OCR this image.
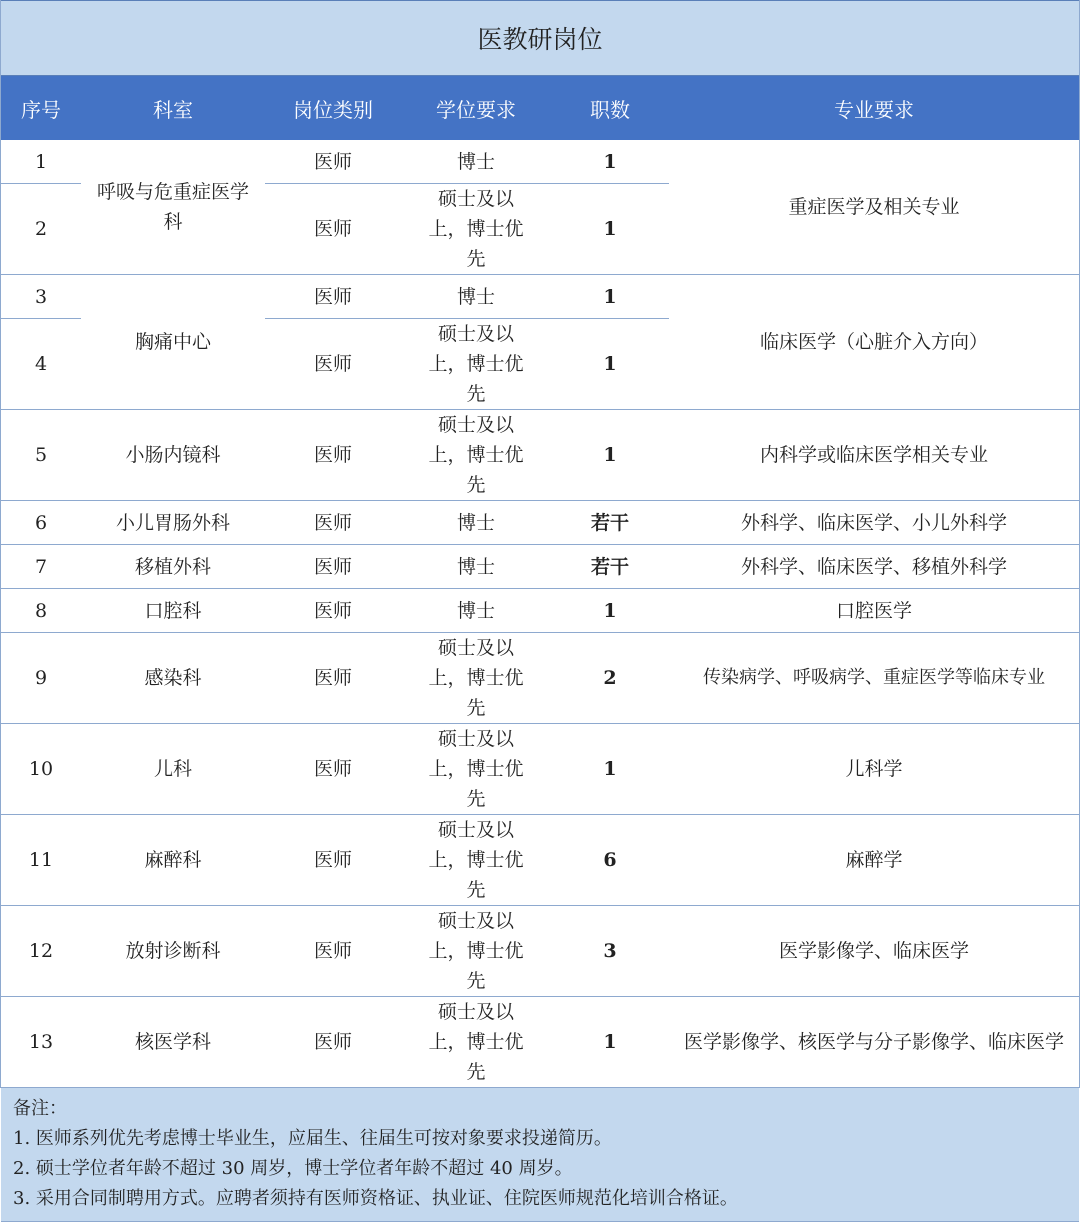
医教研岗位
序号	科室	岗位类别	学位要求	职数	专业要求
1	呼吸与危重症医学科	医师	博士	1	重症医学及相关专业
2		医师	硕士及以上，博士优先	1	
3	胸痛中心	医师	博士	1	临床医学（心脏介入方向）
4		医师	硕士及以上，博士优先	1	
5	小肠内镜科	医师	硕士及以上，博士优先	1	内科学或临床医学相关专业
6	小儿胃肠外科	医师	博士	若干	外科学、临床医学、小儿外科学
7	移植外科	医师	博士	若干	外科学、临床医学、移植外科学
8	口腔科	医师	博士	1	口腔医学
9	感染科	医师	硕士及以上，博士优先	2	传染病学、呼吸病学、重症医学等临床专业
10	儿科	医师	硕士及以上，博士优先	1	儿科学
11	麻醉科	医师	硕士及以上，博士优先	6	麻醉学
12	放射诊断科	医师	硕士及以上，博士优先	3	医学影像学、临床医学
13	核医学科	医师	硕士及以上，博士优先	1	医学影像学、核医学与分子影像学、临床医学
备注：
1. 医师系列优先考虑博士毕业生，应届生、往届生可按对象要求投递简历。
2. 硕士学位者年龄不超过 30 周岁，博士学位者年龄不超过 40 周岁。
3. 采用合同制聘用方式。应聘者须持有医师资格证、执业证、住院医师规范化培训合格证。
